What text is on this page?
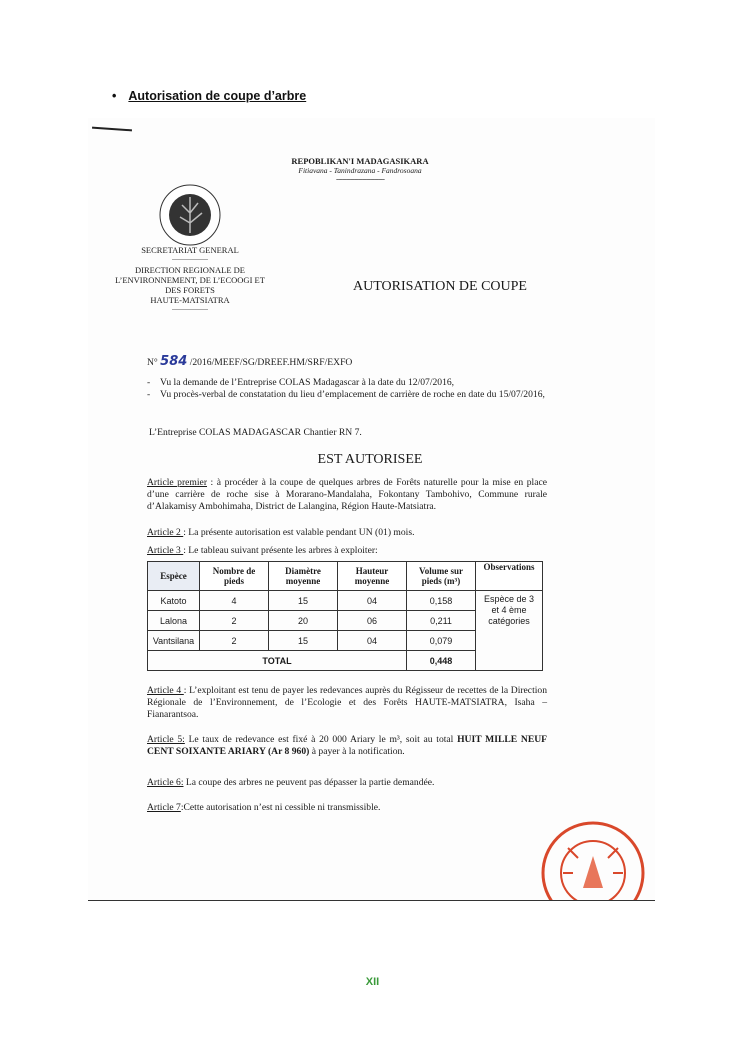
• Autorisation de coupe d’arbre
REPOBLIKAN'I MADAGASIKARA
Fitiavana - Tanindrazana - Fandrosoana
------------------------------------
SECRETARIAT GENERAL
------------------
DIRECTION REGIONALE DE
L’ENVIRONNEMENT, DE L’ECOOGI ET
DES FORETS
HAUTE-MATSIATRA
------------------
AUTORISATION DE COUPE
N° 584 /2016/MEEF/SG/DREEF.HM/SRF/EXFO
-	Vu la demande de l’Entreprise COLAS Madagascar à la date du 12/07/2016,
-	Vu procès-verbal de constatation du lieu d’emplacement de carrière de roche en date du 15/07/2016,
L’Entreprise COLAS MADAGASCAR Chantier RN 7.
EST AUTORISEE
Article premier : à procéder à la coupe de quelques arbres de Forêts naturelle pour la mise en place d’une carrière de roche sise à Morarano-Mandalaha, Fokontany Tambohivo, Commune rurale d’Alakamisy Ambohimaha, District de Lalangina, Région Haute-Matsiatra.
Article 2 : La présente autorisation est valable pendant UN (01) mois.
Article 3 : Le tableau suivant présente les arbres à exploiter:
Espèce	Nombre de pieds	Diamètre moyenne	Hauteur moyenne	Volume sur pieds (m³)	Observations
Katoto	4	15	04	0,158	Espèce de 3 et 4 ème catégories
Lalona	2	20	06	0,211	
Vantsilana	2	15	04	0,079	
TOTAL				0,448	
Article 4 : L’exploitant est tenu de payer les redevances auprès du Régisseur de recettes de la Direction Régionale de l’Environnement, de l’Ecologie et des Forêts HAUTE-MATSIATRA, Isaha – Fianarantsoa.
Article 5: Le taux de redevance est fixé à 20 000 Ariary le m³, soit au total HUIT MILLE NEUF CENT SOIXANTE ARIARY (Ar 8 960) à payer à la notification.
Article 6: La coupe des arbres ne peuvent pas dépasser la partie demandée.
Article 7:Cette autorisation n’est ni cessible ni transmissible.
XII
